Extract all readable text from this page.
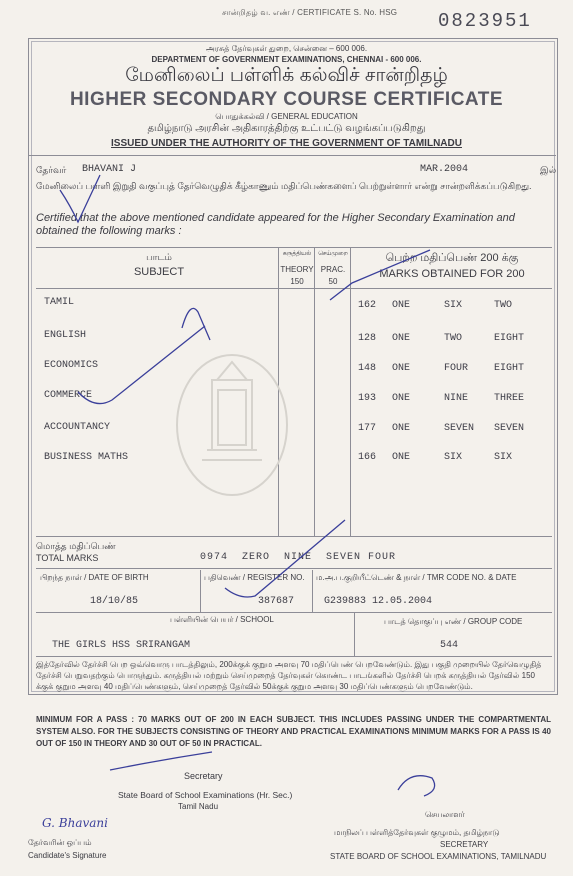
சான்றிதழ் வ. எண் / CERTIFICATE S. No. HSG 0823951
அரசுத் தேர்வுகள் துறை, சென்னை – 600 006.
DEPARTMENT OF GOVERNMENT EXAMINATIONS, CHENNAI - 600 006.
மேனிலைப் பள்ளிக் கல்விச் சான்றிதழ்
HIGHER SECONDARY COURSE CERTIFICATE
பொதுக்கல்வி / GENERAL EDUCATION
தமிழ்நாடு அரசின் அதிகாரத்திற்கு உட்பட்டு வழங்கப்படுகிறது
ISSUED UNDER THE AUTHORITY OF THE GOVERNMENT OF TAMILNADU
தேர்வர் BHAVANI J	MAR.2004	இல்
மேனிலைப் பள்ளி இறுதி வகுப்புத் தேர்வெழுதிக் கீழ்காணும் மதிப்பெண்களைப் பெற்றுள்ளார் என்று சான்றளிக்கப்படுகிறது.
Certified that the above mentioned candidate appeared for the Higher Secondary Examination and obtained the following marks :
பாடம்
SUBJECT
கருத்தியல்	செய்முறை
THEORY PRAC.
150	50
பெற்ற மதிப்பெண் 200 க்கு
MARKS OBTAINED FOR 200
TAMIL	162 ONE	SIX	TWO
ENGLISH	128 ONE	TWO	EIGHT
ECONOMICS	148 ONE	FOUR	EIGHT
COMMERCE	193 ONE	NINE	THREE
ACCOUNTANCY	177 ONE	SEVEN SEVEN
BUSINESS MATHS	166 ONE	SIX	SIX
மொத்த மதிப்பெண்
TOTAL MARKS	0974  ZERO  NINE  SEVEN FOUR
பிறந்த நாள் / DATE OF BIRTH	பதிவெண் / REGISTER NO. ம.அ.ப.குறியீட்டெண் & நாள் / TMR CODE NO. & DATE
18/10/85	387687	G239883 12.05.2004
பள்ளியின் பெயர் / SCHOOL	பாடத் தொகுப்பு எண் / GROUP CODE
THE GIRLS HSS SRIRANGAM	544
இத்தேர்வில் தேர்ச்சி பெற ஒவ்வொரு பாடத்திலும், 200க்குக் குறும அளவு 70 மதிப்பெண் பெறவேண்டும். இது பகுதி முறையில் தேர்வெழுதித் தேர்ச்சி பெறுவதற்கும் பொருந்தும். கருத்தியல் மற்றும் செய்முறைத் தேர்வுகள் கொண்ட பாடங்களில் தேர்ச்சி பெறக் கருத்தியல் தேர்வில் 150 க்குக் குறும அளவு 40 மதிப்பெண்களும், செய்முறைத் தேர்வில் 50க்குக் குறும அளவு 30 மதிப்பெண்களும் பெறவேண்டும்.
MINIMUM FOR A PASS : 70 MARKS OUT OF 200 IN EACH SUBJECT. THIS INCLUDES PASSING UNDER THE COMPARTMENTAL SYSTEM ALSO. FOR THE SUBJECTS CONSISTING OF THEORY AND PRACTICAL EXAMINATIONS MINIMUM MARKS FOR A PASS IS 40 OUT OF 150 IN THEORY AND 30 OUT OF 50 IN PRACTICAL.
Secretary
State Board of School Examinations (Hr. Sec.)
Tamil Nadu
G. Bhavani
தேர்வரின் ஒப்பம்
Candidate's Signature
செயலாளர்
மாநிலப் பள்ளித்தேர்வுகள் குழுமம், தமிழ்நாடு
SECRETARY
STATE BOARD OF SCHOOL EXAMINATIONS, TAMILNADU
